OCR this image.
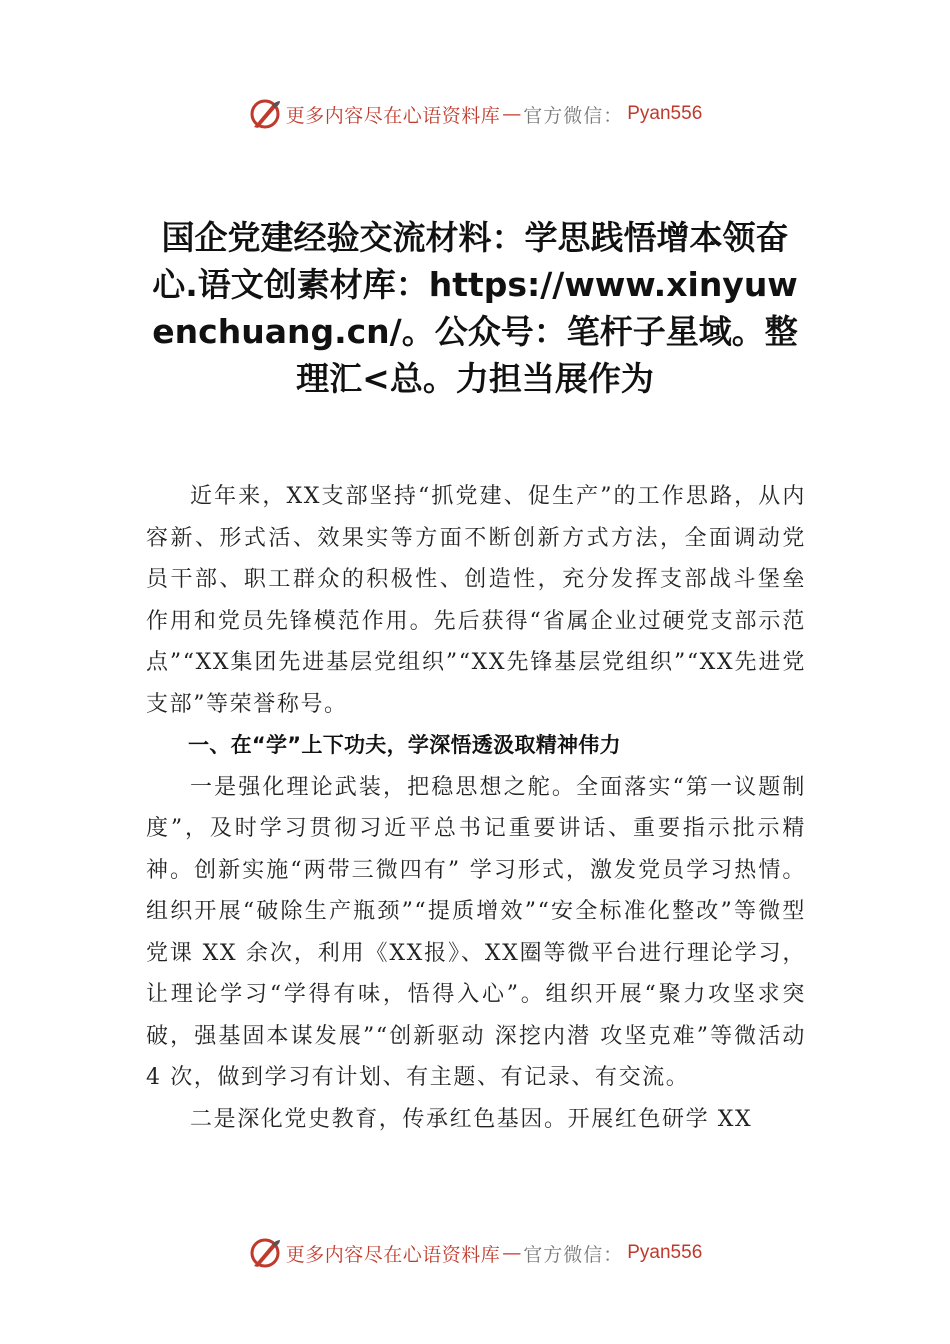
更多内容尽在心语资料库 — 官方微信： Pyan556
国企党建经验交流材料：学思践悟增本领奋心.语文创素材库：https://www.xinyuwenchuang.cn/。公众号：笔杆子星域。整理汇<总。力担当展作为

近年来，XX支部坚持“抓党建、促生产”的工作思路，从内容新、形式活、效果实等方面不断创新方式方法，全面调动党员干部、职工群众的积极性、创造性，充分发挥支部战斗堡垒作用和党员先锋模范作用。先后获得“省属企业过硬党支部示范点”“XX集团先进基层党组织”“XX先锋基层党组织”“XX先进党支部”等荣誉称号。

一、在“学”上下功夫，学深悟透汲取精神伟力

一是强化理论武装，把稳思想之舵。全面落实“第一议题制度”，及时学习贯彻习近平总书记重要讲话、重要指示批示精神。创新实施“两带三微四有” 学习形式，激发党员学习热情。组织开展“破除生产瓶颈”“提质增效”“安全标准化整改”等微型党课 XX 余次，利用《XX报》、XX圈等微平台进行理论学习，让理论学习“学得有味，悟得入心”。组织开展“聚力攻坚求突破，强基固本谋发展”“创新驱动 深挖内潜 攻坚克难”等微活动 4 次，做到学习有计划、有主题、有记录、有交流。

二是深化党史教育，传承红色基因。开展红色研学 XX

更多内容尽在心语资料库 — 官方微信： Pyan556
